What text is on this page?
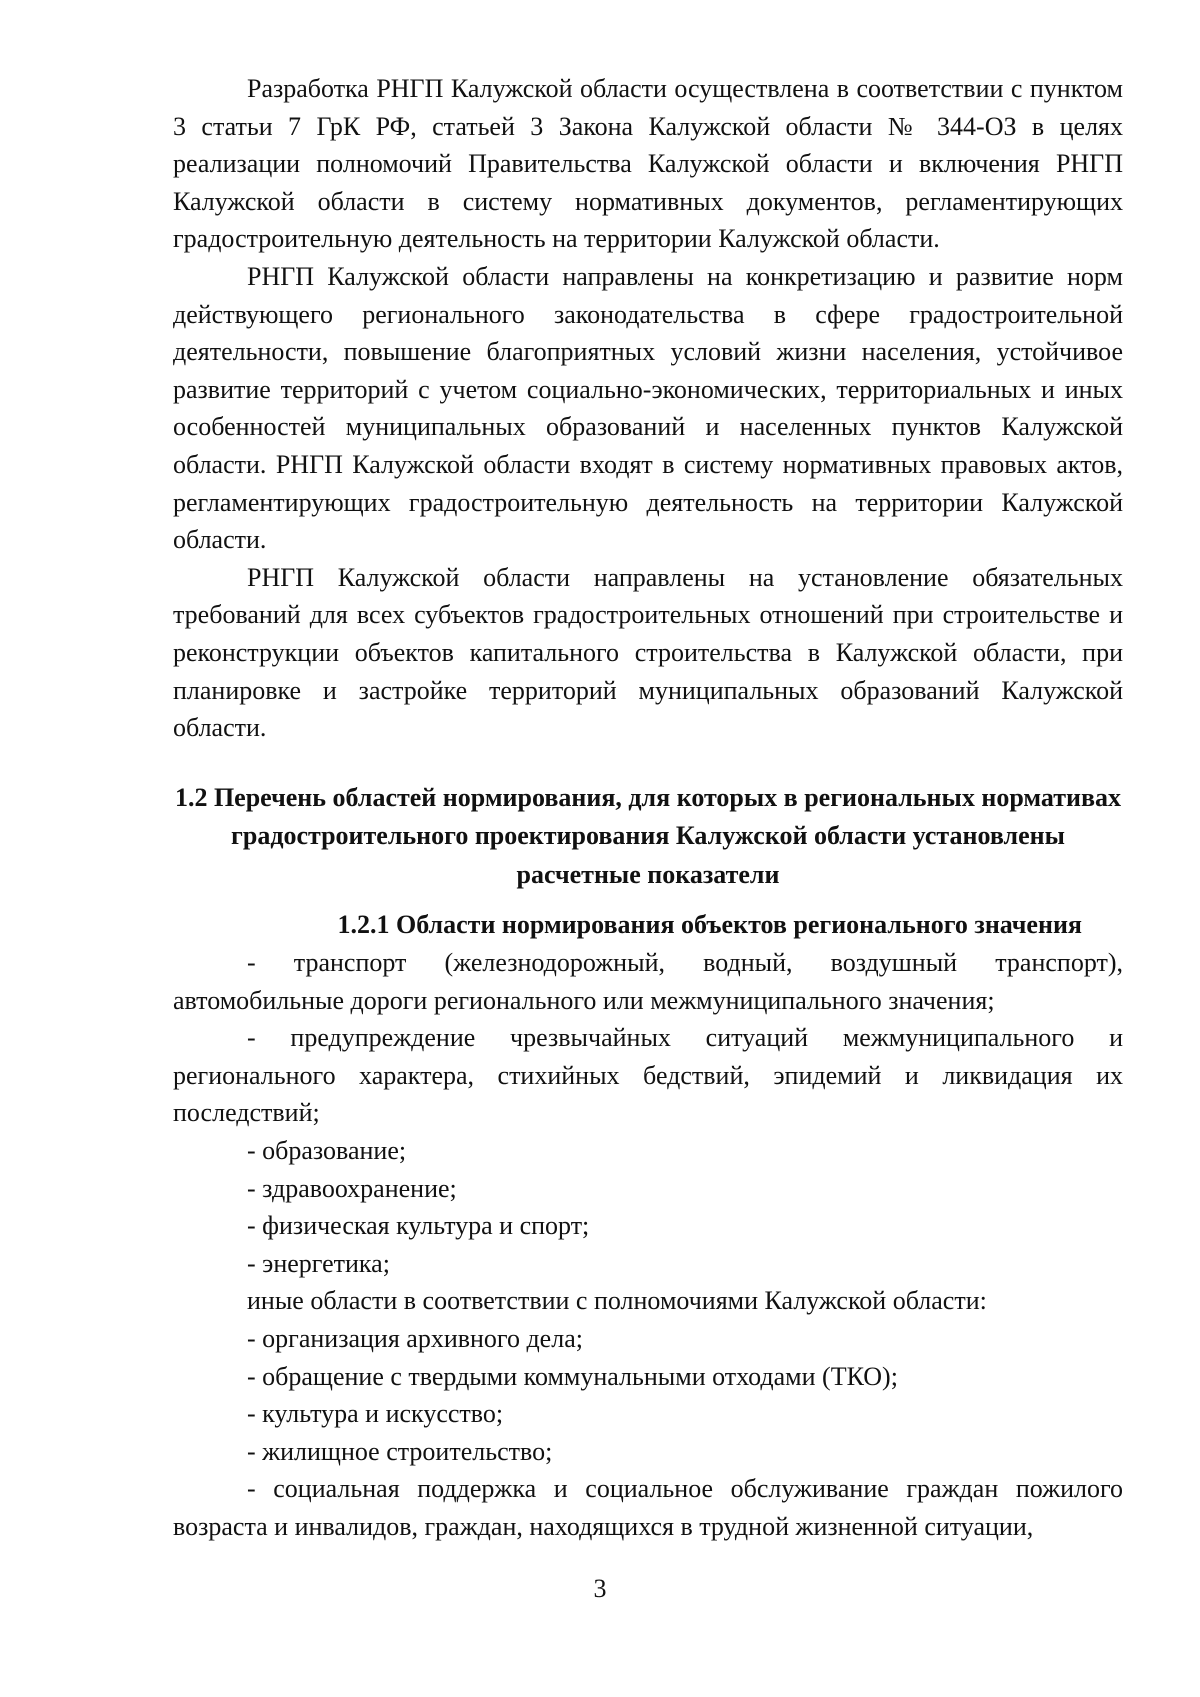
Разработка РНГП Калужской области осуществлена в соответствии с пунктом 3 статьи 7 ГрК РФ, статьей 3 Закона Калужской области № 344-ОЗ в целях реализации полномочий Правительства Калужской области и включения РНГП Калужской области в систему нормативных документов, регламентирующих градостроительную деятельность на территории Калужской области.

РНГП Калужской области направлены на конкретизацию и развитие норм действующего регионального законодательства в сфере градостроительной деятельности, повышение благоприятных условий жизни населения, устойчивое развитие территорий с учетом социально-экономических, территориальных и иных особенностей муниципальных образований и населенных пунктов Калужской области. РНГП Калужской области входят в систему нормативных правовых актов, регламентирующих градостроительную деятельность на территории Калужской области.

РНГП Калужской области направлены на установление обязательных требований для всех субъектов градостроительных отношений при строительстве и реконструкции объектов капитального строительства в Калужской области, при планировке и застройке территорий муниципальных образований Калужской области.

1.2 Перечень областей нормирования, для которых в региональных нормативах градостроительного проектирования Калужской области установлены расчетные показатели

1.2.1 Области нормирования объектов регионального значения

- транспорт (железнодорожный, водный, воздушный транспорт), автомобильные дороги регионального или межмуниципального значения;

- предупреждение чрезвычайных ситуаций межмуниципального и регионального характера, стихийных бедствий, эпидемий и ликвидация их последствий;

- образование;

- здравоохранение;

- физическая культура и спорт;

- энергетика;

иные области в соответствии с полномочиями Калужской области:

- организация архивного дела;

- обращение с твердыми коммунальными отходами (ТКО);

- культура и искусство;

- жилищное строительство;

- социальная поддержка и социальное обслуживание граждан пожилого возраста и инвалидов, граждан, находящихся в трудной жизненной ситуации,

3
